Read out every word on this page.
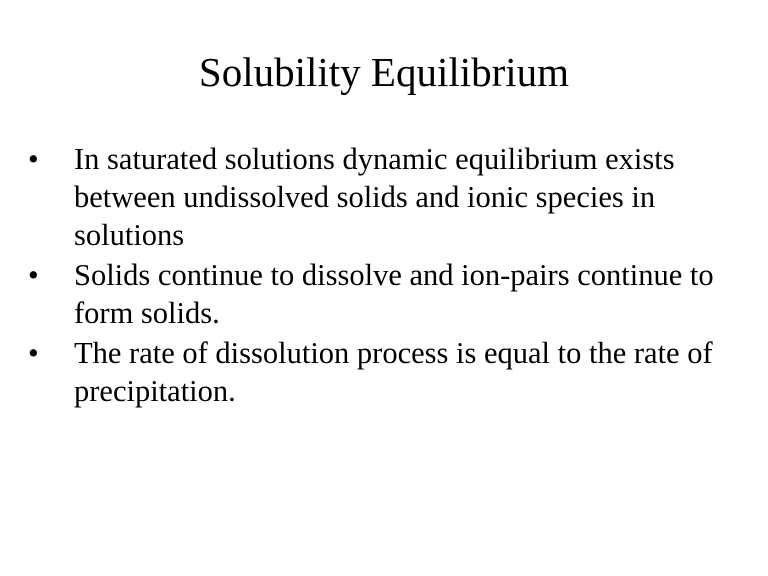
Solubility Equilibrium
•	In saturated solutions dynamic equilibrium exists between undissolved solids and ionic species in solutions
•	Solids continue to dissolve and ion-pairs continue to form solids.
•	The rate of dissolution process is equal to the rate of precipitation.
